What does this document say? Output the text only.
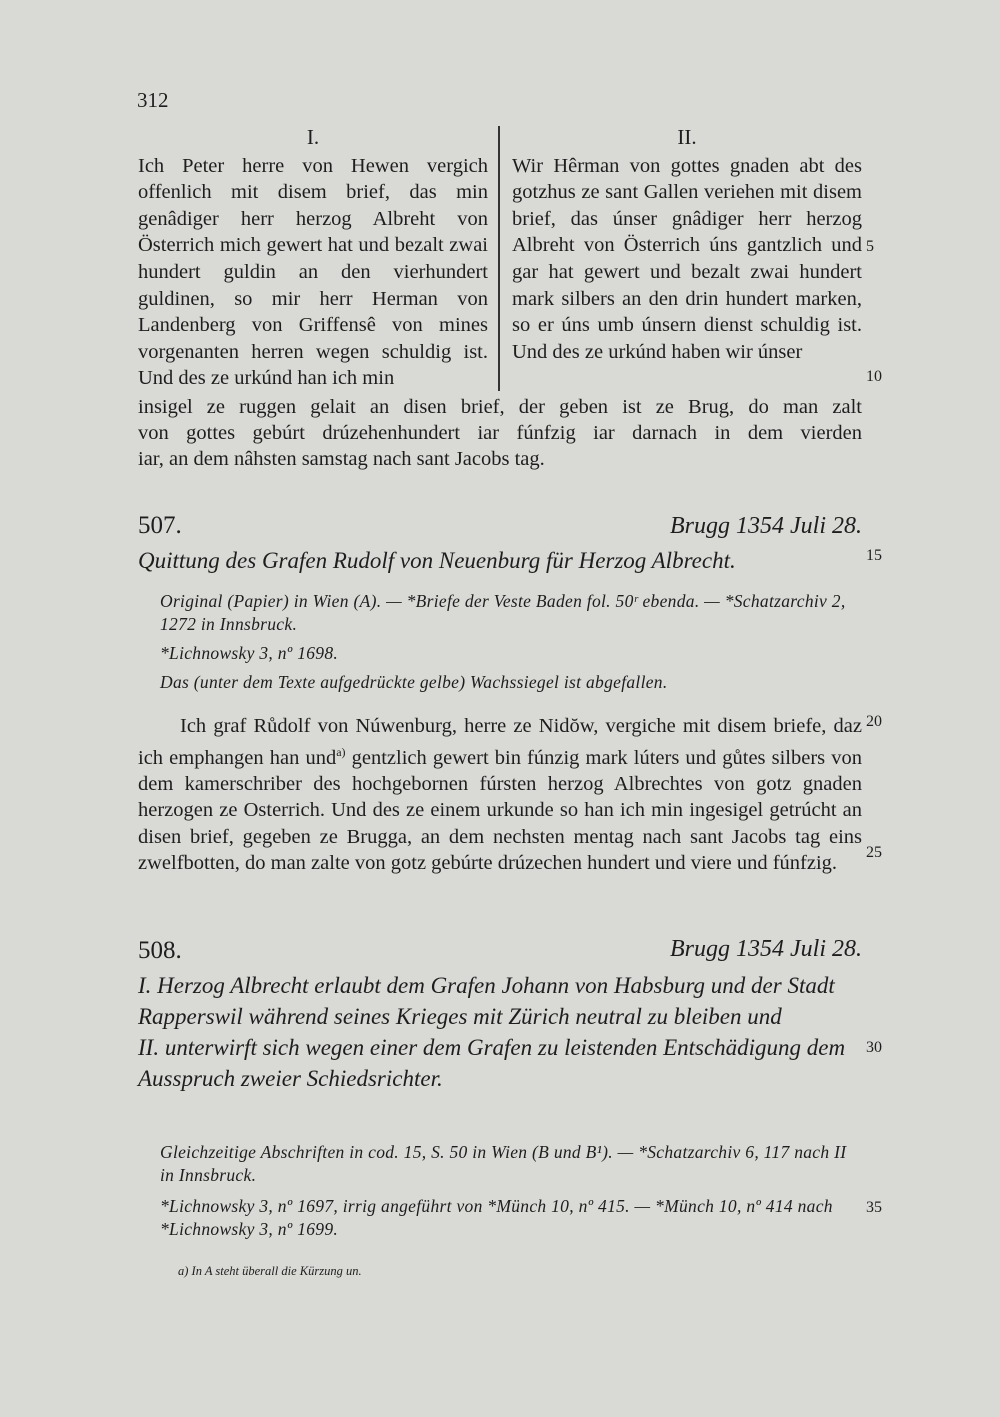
312
I.

Ich Peter herre von Hewen vergich offenlich mit disem brief, das min genâdiger herr herzog Albreht von Österrich mich gewert hat und bezalt zwai hundert guldin an den vierhundert guldinen, so mir herr Herman von Landenberg von Griffensê von mines vorgenanten herren wegen schuldig ist. Und des ze urkúnd han ich min

II.

Wir Hêrman von gottes gnaden abt des gotzhus ze sant Gallen veriehen mit disem brief, das únser gnâdiger herr herzog Albreht von Österrich úns gantzlich und gar hat gewert und bezalt zwai hundert mark silbers an den drin hundert marken, so er úns umb únsern dienst schuldig ist. Und des ze urkúnd haben wir únser

insigel ze ruggen gelait an disen brief, der geben ist ze Brug, do man zalt
von gottes gebúrt drúzehenhundert iar fúnfzig iar darnach in dem vierden
iar, an dem nâhsten samstag nach sant Jacobs tag.
5
10
15
20
25
30
35
507.	Brugg 1354 Juli 28.

Quittung des Grafen Rudolf von Neuenburg für Herzog Albrecht.

Original (Papier) in Wien (A). — *Briefe der Veste Baden fol. 50ʳ ebenda. — *Schatzarchiv 2, 1272 in Innsbruck.

*Lichnowsky 3, nº 1698.

Das (unter dem Texte aufgedrückte gelbe) Wachssiegel ist abgefallen.

Ich graf Růdolf von Núwenburg, herre ze Nidŏw, vergiche mit disem briefe, daz ich emphangen han und$^{a)}$ gentzlich gewert bin fúnzig mark lúters und gůtes silbers von dem kamerschriber des hochgebornen fúrsten herzog Albrechtes von gotz gnaden herzogen ze Osterrich. Und des ze einem urkunde so han ich min ingesigel getrúcht an disen brief, gegeben ze Brugga, an dem nechsten mentag nach sant Jacobs tag eins zwelfbotten, do man zalte von gotz gebúrte drúzechen hundert und viere und fúnfzig.

508.	Brugg 1354 Juli 28.

I. Herzog Albrecht erlaubt dem Grafen Johann von Habsburg und der Stadt Rapperswil während seines Krieges mit Zürich neutral zu bleiben und

II. unterwirft sich wegen einer dem Grafen zu leistenden Entschädigung dem Ausspruch zweier Schiedsrichter.

Gleichzeitige Abschriften in cod. 15, S. 50 in Wien (B und B¹). — *Schatzarchiv 6, 117 nach II in Innsbruck.

*Lichnowsky 3, nº 1697, irrig angeführt von *Münch 10, nº 415. — *Münch 10, nº 414 nach *Lichnowsky 3, nº 1699.

a) In A steht überall die Kürzung un.
